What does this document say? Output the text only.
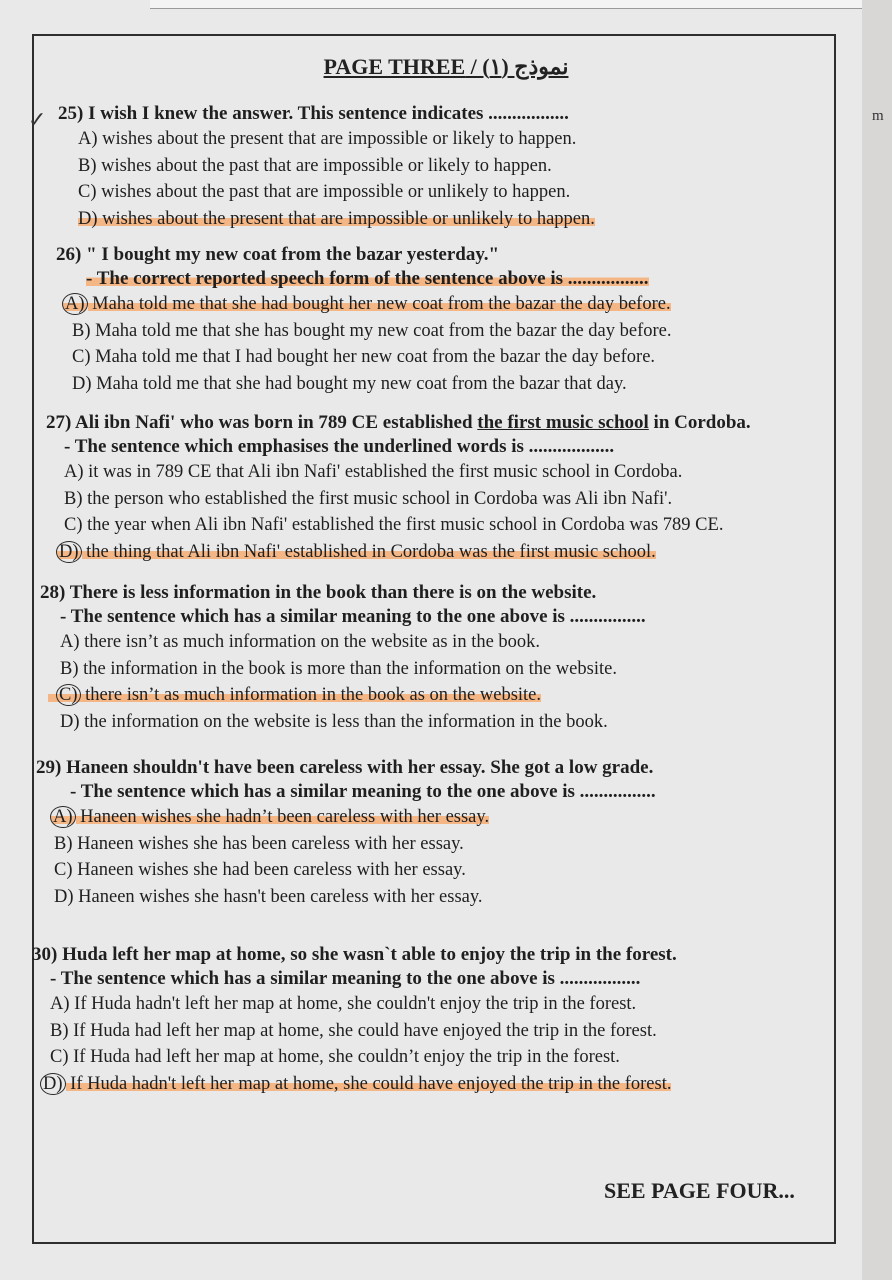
نموذج (١) / PAGE THREE
✓ 25) I wish I knew the answer. This sentence indicates .................
A) wishes about the present that are impossible or likely to happen.
B) wishes about the past that are impossible or likely to happen.
C) wishes about the past that are impossible or unlikely to happen.
D) wishes about the present that are impossible or unlikely to happen.
26) " I bought my new coat from the bazar yesterday."
- The correct reported speech form of the sentence above is .................
A) Maha told me that she had bought her new coat from the bazar the day before.
B) Maha told me that she has bought my new coat from the bazar the day before.
C) Maha told me that I had bought her new coat from the bazar the day before.
D) Maha told me that she had bought my new coat from the bazar that day.
27) Ali ibn Nafi' who was born in 789 CE established the first music school in Cordoba.
- The sentence which emphasises the underlined words is ..................
A) it was in 789 CE that Ali ibn Nafi' established the first music school in Cordoba.
B) the person who established the first music school in Cordoba was Ali ibn Nafi'.
C) the year when Ali ibn Nafi' established the first music school in Cordoba was 789 CE.
D) the thing that Ali ibn Nafi' established in Cordoba was the first music school.
28) There is less information in the book than there is on the website.
- The sentence which has a similar meaning to the one above is ................
A) there isn’t as much information on the website as in the book.
B) the information in the book is more than the information on the website.
C) there isn’t as much information in the book as on the website.
D) the information on the website is less than the information in the book.
29) Haneen shouldn't have been careless with her essay. She got a low grade.
- The sentence which has a similar meaning to the one above is ................
A) Haneen wishes she hadn’t been careless with her essay.
B) Haneen wishes she has been careless with her essay.
C) Haneen wishes she had been careless with her essay.
D) Haneen wishes she hasn't been careless with her essay.
30) Huda left her map at home, so she wasn`t able to enjoy the trip in the forest.
- The sentence which has a similar meaning to the one above is .................
A) If Huda hadn't left her map at home, she couldn't enjoy the trip in the forest.
B) If Huda had left her map at home, she could have enjoyed the trip in the forest.
C) If Huda had left her map at home, she couldn’t enjoy the trip in the forest.
D) If Huda hadn't left her map at home, she could have enjoyed the trip in the forest.
SEE PAGE FOUR...
m
